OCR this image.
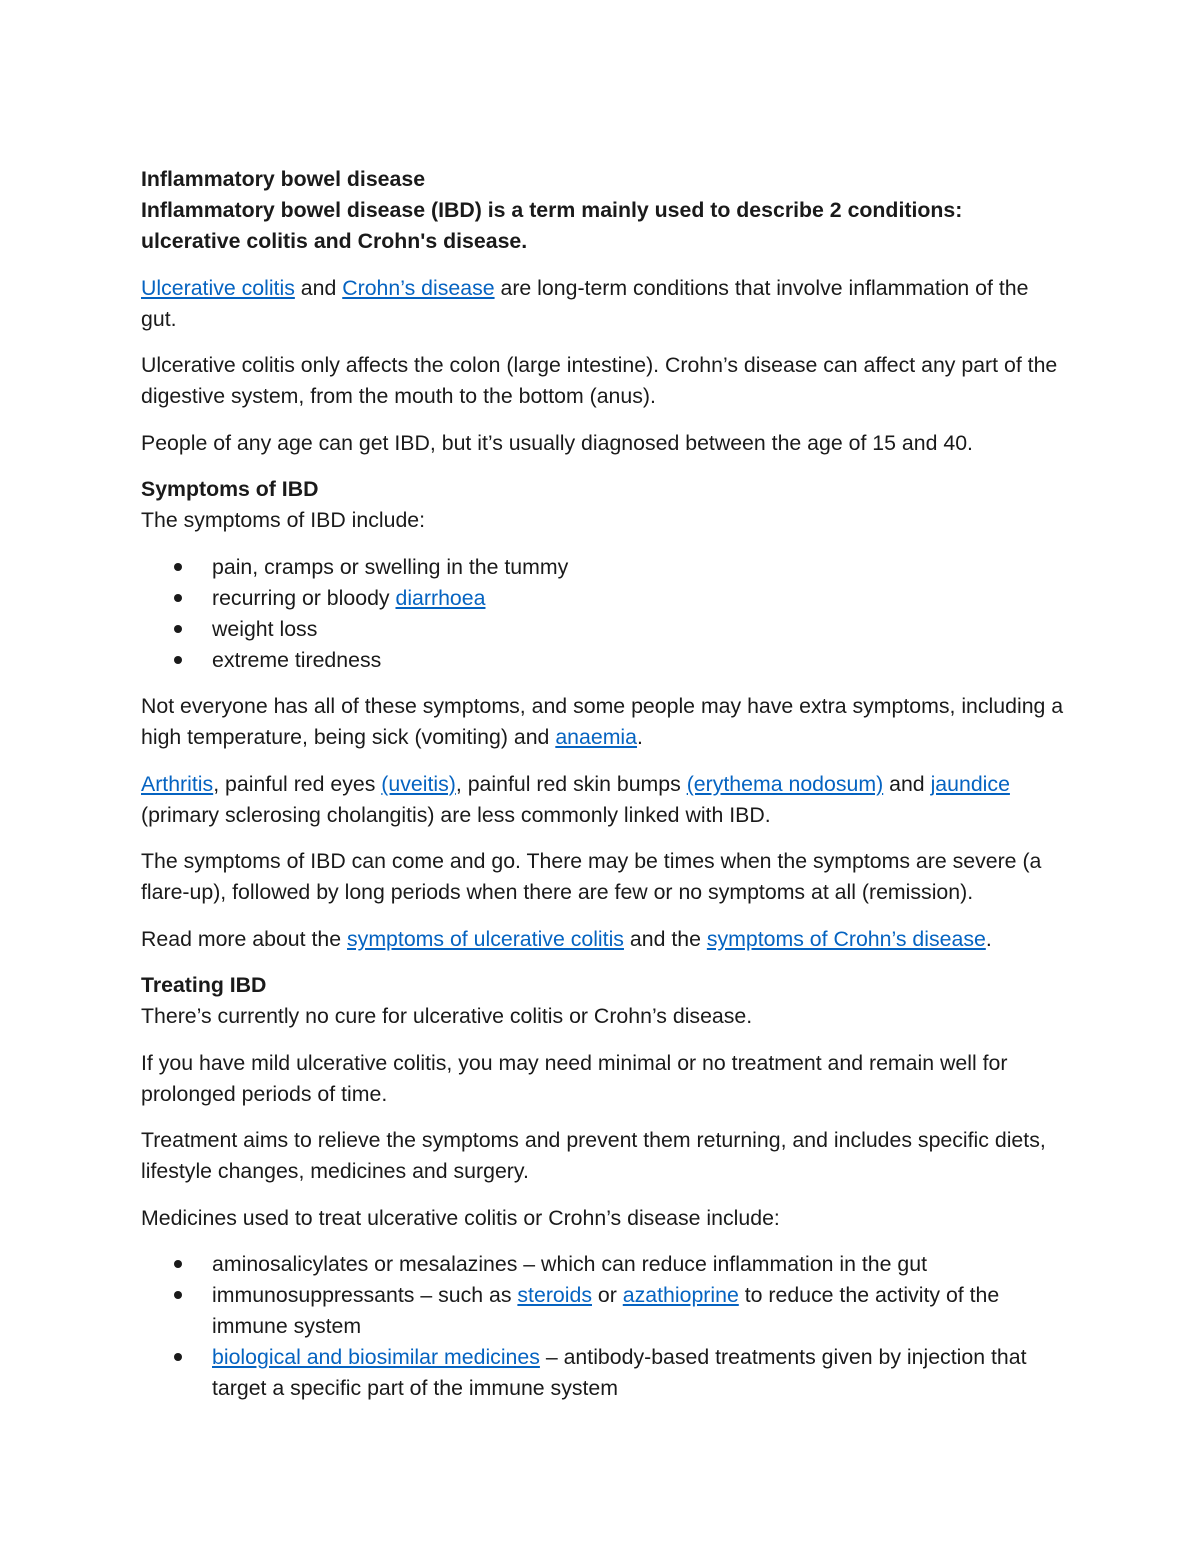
Inflammatory bowel disease

Inflammatory bowel disease (IBD) is a term mainly used to describe 2 conditions: ulcerative colitis and Crohn's disease.

Ulcerative colitis and Crohn’s disease are long-term conditions that involve inflammation of the gut.

Ulcerative colitis only affects the colon (large intestine). Crohn’s disease can affect any part of the digestive system, from the mouth to the bottom (anus).

People of any age can get IBD, but it’s usually diagnosed between the age of 15 and 40.

Symptoms of IBD

The symptoms of IBD include:

pain, cramps or swelling in the tummy
recurring or bloody diarrhoea
weight loss
extreme tiredness

Not everyone has all of these symptoms, and some people may have extra symptoms, including a high temperature, being sick (vomiting) and anaemia.

Arthritis, painful red eyes (uveitis), painful red skin bumps (erythema nodosum) and jaundice (primary sclerosing cholangitis) are less commonly linked with IBD.

The symptoms of IBD can come and go. There may be times when the symptoms are severe (a flare-up), followed by long periods when there are few or no symptoms at all (remission).

Read more about the symptoms of ulcerative colitis and the symptoms of Crohn’s disease.

Treating IBD

There’s currently no cure for ulcerative colitis or Crohn’s disease.

If you have mild ulcerative colitis, you may need minimal or no treatment and remain well for prolonged periods of time.

Treatment aims to relieve the symptoms and prevent them returning, and includes specific diets, lifestyle changes, medicines and surgery.

Medicines used to treat ulcerative colitis or Crohn’s disease include:

aminosalicylates or mesalazines – which can reduce inflammation in the gut
immunosuppressants – such as steroids or azathioprine to reduce the activity of the immune system
biological and biosimilar medicines – antibody-based treatments given by injection that target a specific part of the immune system
